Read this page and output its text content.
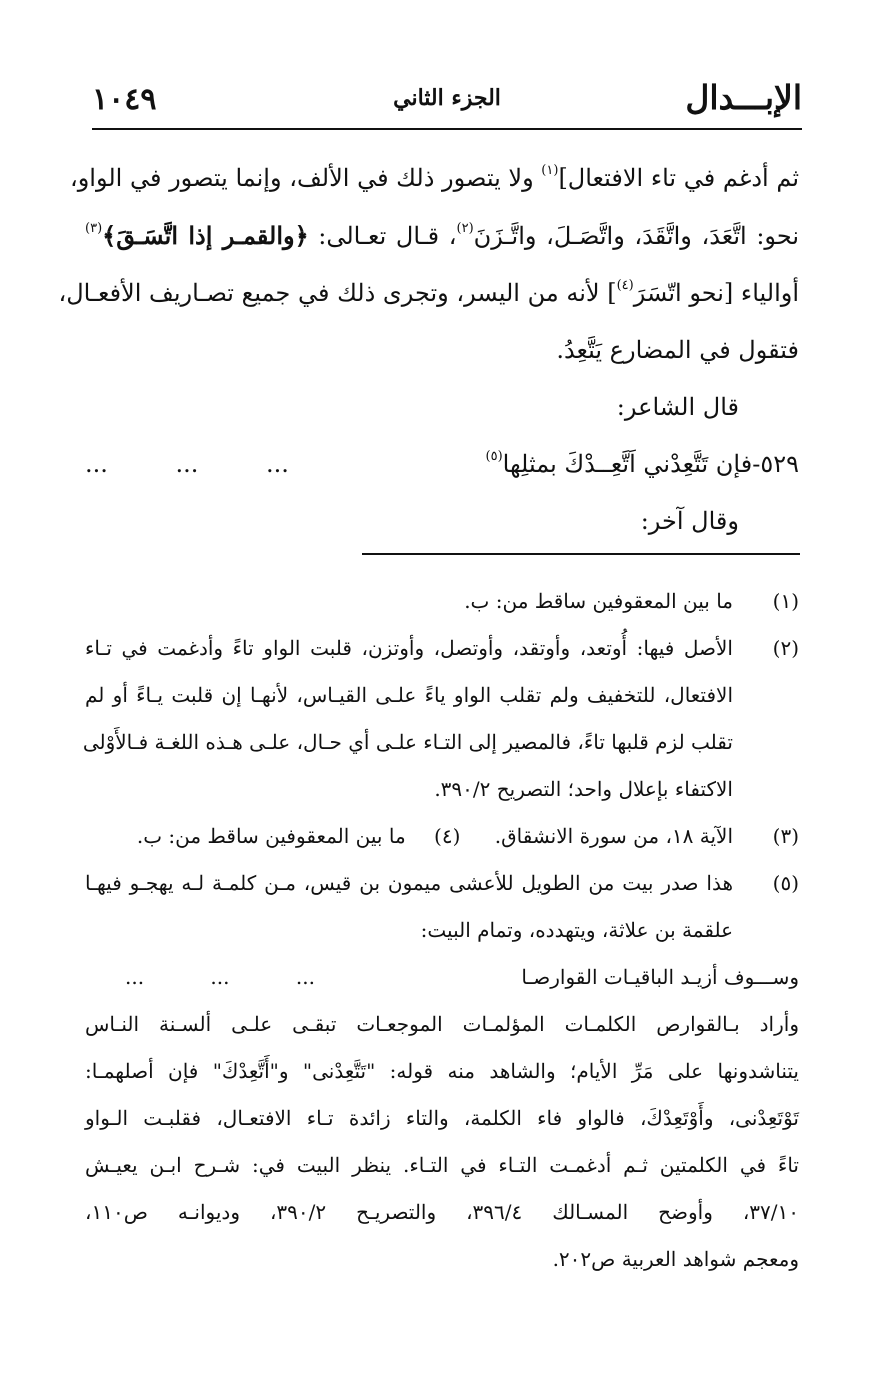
الإبـــدال
الجزء الثاني
١٠٤٩
ثم أدغم في تاء الافتعال]$^{(١)}$ ولا يتصور ذلك في الألف، وإنما يتصور في الواو،
نحو: اتَّعَدَ، واتَّقَدَ، واتَّصَـلَ، واتَّـزَنَ$^{(٢)}$، قـال تعـالى: ﴿والقمـر إذا اتَّسَـقَ﴾$^{(٣)}$
أوالياء [نحو اتّسَرَ$^{(٤)}$] لأنه من اليسر، وتجرى ذلك في جميع تصـاريف الأفعـال،
فتقول في المضارع يَتَّعِدُ.
قال الشاعر:
٥٢٩-فإن تَتَّعِدْني اَتَّعِــدْكَ بمثلِها$^{(٥)}$
... ... ...
وقال آخر:
(١)
ما بين المعقوفين ساقط من: ب.
(٢)
الأصل فيها: أُوتعد، وأوتقد، وأوتصل، وأوتزن، قلبت الواو تاءً وأدغمت في تـاء
الافتعال، للتخفيف ولم تقلب الواو ياءً علـى القيـاس، لأنهـا إن قلبت يـاءً أو لم
تقلب لزم قلبها تاءً، فالمصير إلى التـاء علـى أي حـال، علـى هـذه اللغـة فـالأَوْلى
الاكتفاء بإعلال واحد؛ التصريح ٣٩٠/٢.
(٣)
الآية ١٨، من سورة الانشقاق. (٤) ما بين المعقوفين ساقط من: ب.
(٥)
هذا صدر بيت من الطويل للأعشى ميمون بن قيس، مـن كلمـة لـه يهجـو فيهـا
علقمة بن علاثة، ويتهدده، وتمام البيت:
وســـوف أزيـد الباقيـات القوارصـا
... ... ...
وأراد بـالقوارص الكلمـات المؤلمـات الموجعـات تبقـى علـى ألسـنة النـاس
يتناشدونها على مَرِّ الأيام؛ والشاهد منه قوله: "تَتَّعِدْنى" و"أَتَّعِدْكَ" فإن أصلهمـا:
تَوْتَعِدْنى، وأَوْتَعِدْكَ، فالواو فاء الكلمة، والتاء زائدة تـاء الافتعـال، فقلبـت الـواو
تاءً في الكلمتين ثـم أدغمـت التـاء في التـاء. ينظر البيت في: شـرح ابـن يعيـش
٣٧/١٠، وأوضح المسـالك ٣٩٦/٤، والتصريـح ٣٩٠/٢، وديوانـه ص١١٠،
ومعجم شواهد العربية ص٢٠٢.
